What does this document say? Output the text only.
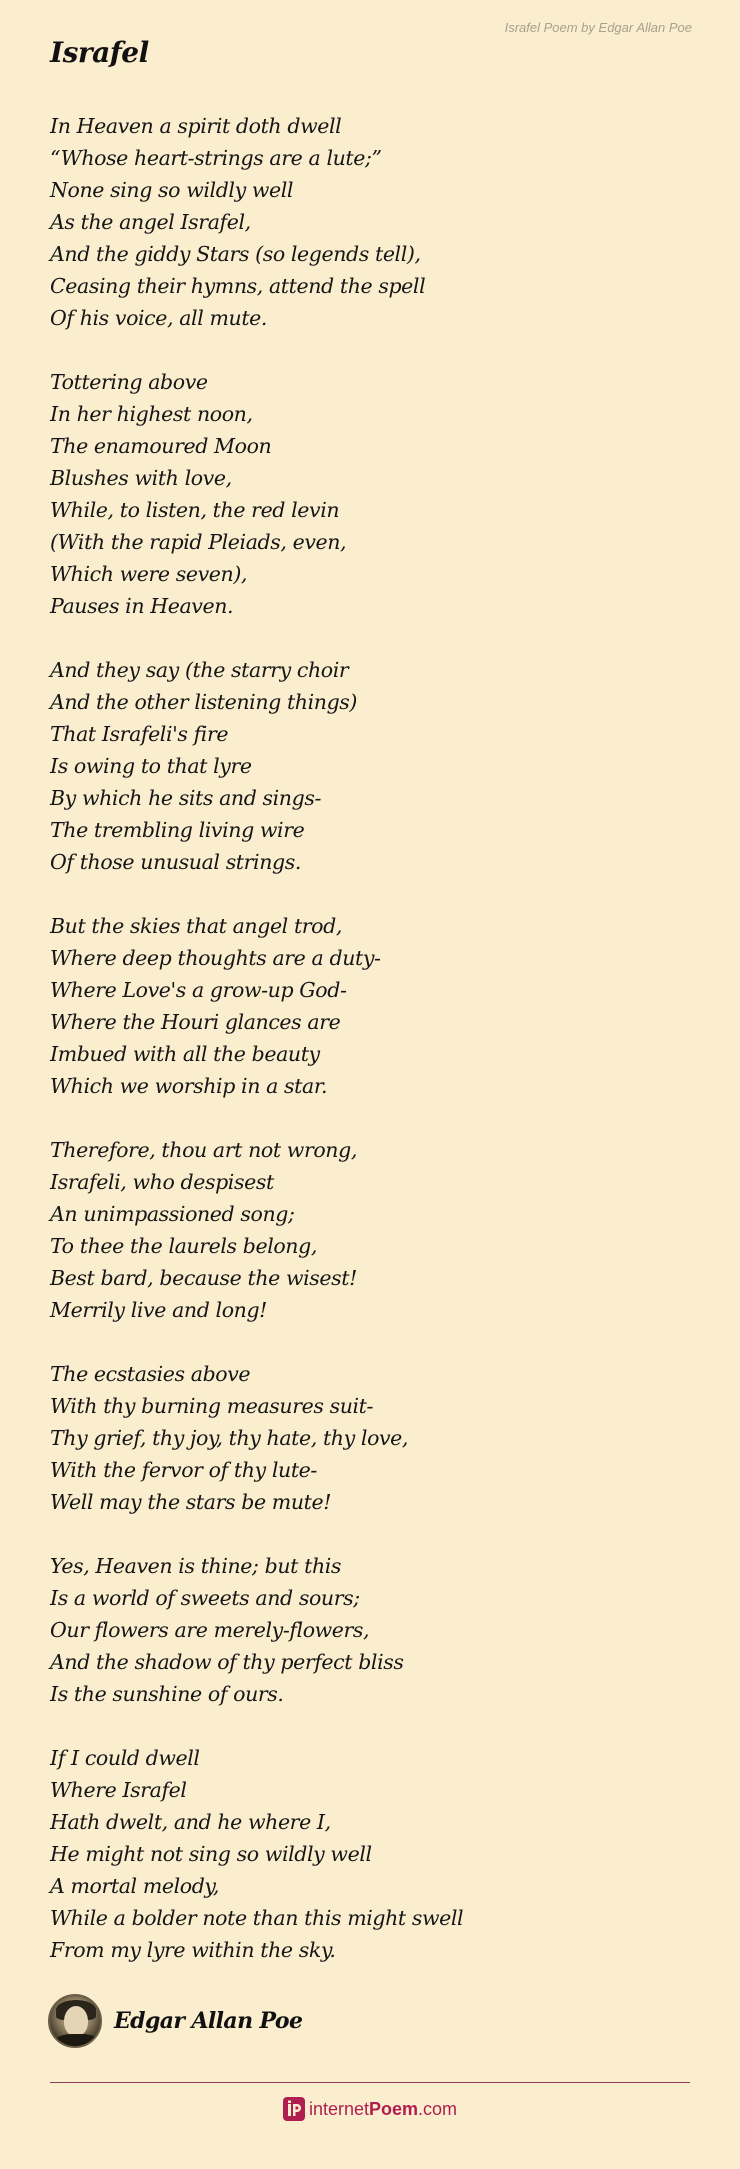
Israfel Poem by Edgar Allan Poe
Israfel
In Heaven a spirit doth dwell
“Whose heart-strings are a lute;”
None sing so wildly well
As the angel Israfel,
And the giddy Stars (so legends tell),
Ceasing their hymns, attend the spell
Of his voice, all mute.
Tottering above
In her highest noon,
The enamoured Moon
Blushes with love,
While, to listen, the red levin
(With the rapid Pleiads, even,
Which were seven),
Pauses in Heaven.
And they say (the starry choir
And the other listening things)
That Israfeli's fire
Is owing to that lyre
By which he sits and sings-
The trembling living wire
Of those unusual strings.
But the skies that angel trod,
Where deep thoughts are a duty-
Where Love's a grow-up God-
Where the Houri glances are
Imbued with all the beauty
Which we worship in a star.
Therefore, thou art not wrong,
Israfeli, who despisest
An unimpassioned song;
To thee the laurels belong,
Best bard, because the wisest!
Merrily live and long!
The ecstasies above
With thy burning measures suit-
Thy grief, thy joy, thy hate, thy love,
With the fervor of thy lute-
Well may the stars be mute!
Yes, Heaven is thine; but this
Is a world of sweets and sours;
Our flowers are merely-flowers,
And the shadow of thy perfect bliss
Is the sunshine of ours.
If I could dwell
Where Israfel
Hath dwelt, and he where I,
He might not sing so wildly well
A mortal melody,
While a bolder note than this might swell
From my lyre within the sky.
Edgar Allan Poe
internetPoem.com
